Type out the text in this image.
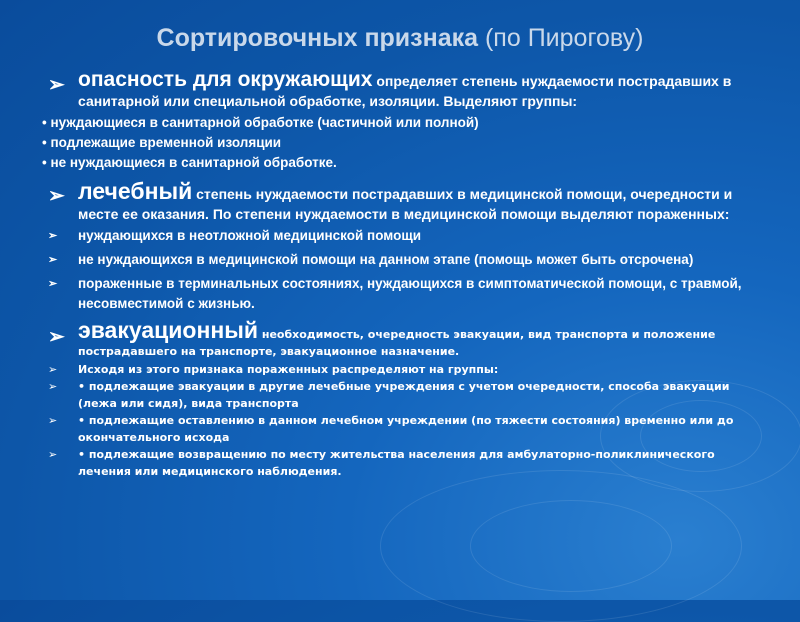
Сортировочных признака (по Пирогову)
➢ опасность для окружающих определяет степень нуждаемости пострадавших в санитарной или специальной обработке, изоляции. Выделяют группы:
• нуждающиеся в санитарной обработке (частичной или полной)
• подлежащие временной изоляции
• не нуждающиеся в санитарной обработке.
➢ лечебный степень нуждаемости пострадавших в медицинской помощи, очередности и месте ее оказания. По степени нуждаемости в медицинской помощи выделяют пораженных:
➢ нуждающихся в неотложной медицинской помощи
➢ не нуждающихся в медицинской помощи на данном этапе (помощь может быть отсрочена)
➢ пораженные в терминальных состояниях, нуждающихся в симптоматической помощи, с травмой, несовместимой с жизнью.
➢ эвакуационный необходимость, очередность эвакуации, вид транспорта и положение пострадавшего на транспорте, эвакуационное назначение.
➢ Исходя из этого признака пораженных распределяют на группы:
➢ • подлежащие эвакуации в другие лечебные учреждения с учетом очередности, способа эвакуации (лежа или сидя), вида транспорта
➢ • подлежащие оставлению в данном лечебном учреждении (по тяжести состояния) временно или до окончательного исхода
➢ • подлежащие возвращению по месту жительства населения для амбулаторно-поликлинического лечения или медицинского наблюдения.
